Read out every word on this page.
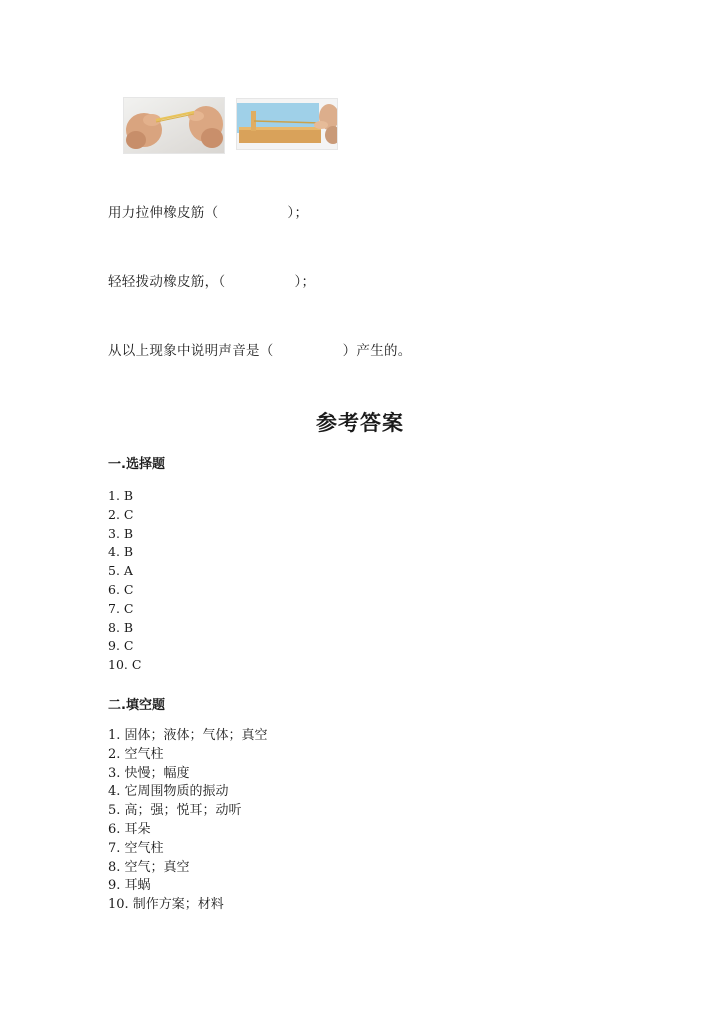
用力拉伸橡皮筋（　　　　　）；
轻轻拨动橡皮筋，（　　　　　）；
从以上现象中说明声音是（　　　　　）产生的。
参考答案
一.选择题
1. B
2. C
3. B
4. B
5. A
6. C
7. C
8. B
9. C
10. C
二.填空题
1. 固体；液体；气体；真空
2. 空气柱
3. 快慢；幅度
4. 它周围物质的振动
5. 高；强；悦耳；动听
6. 耳朵
7. 空气柱
8. 空气；真空
9. 耳蜗
10. 制作方案；材料
